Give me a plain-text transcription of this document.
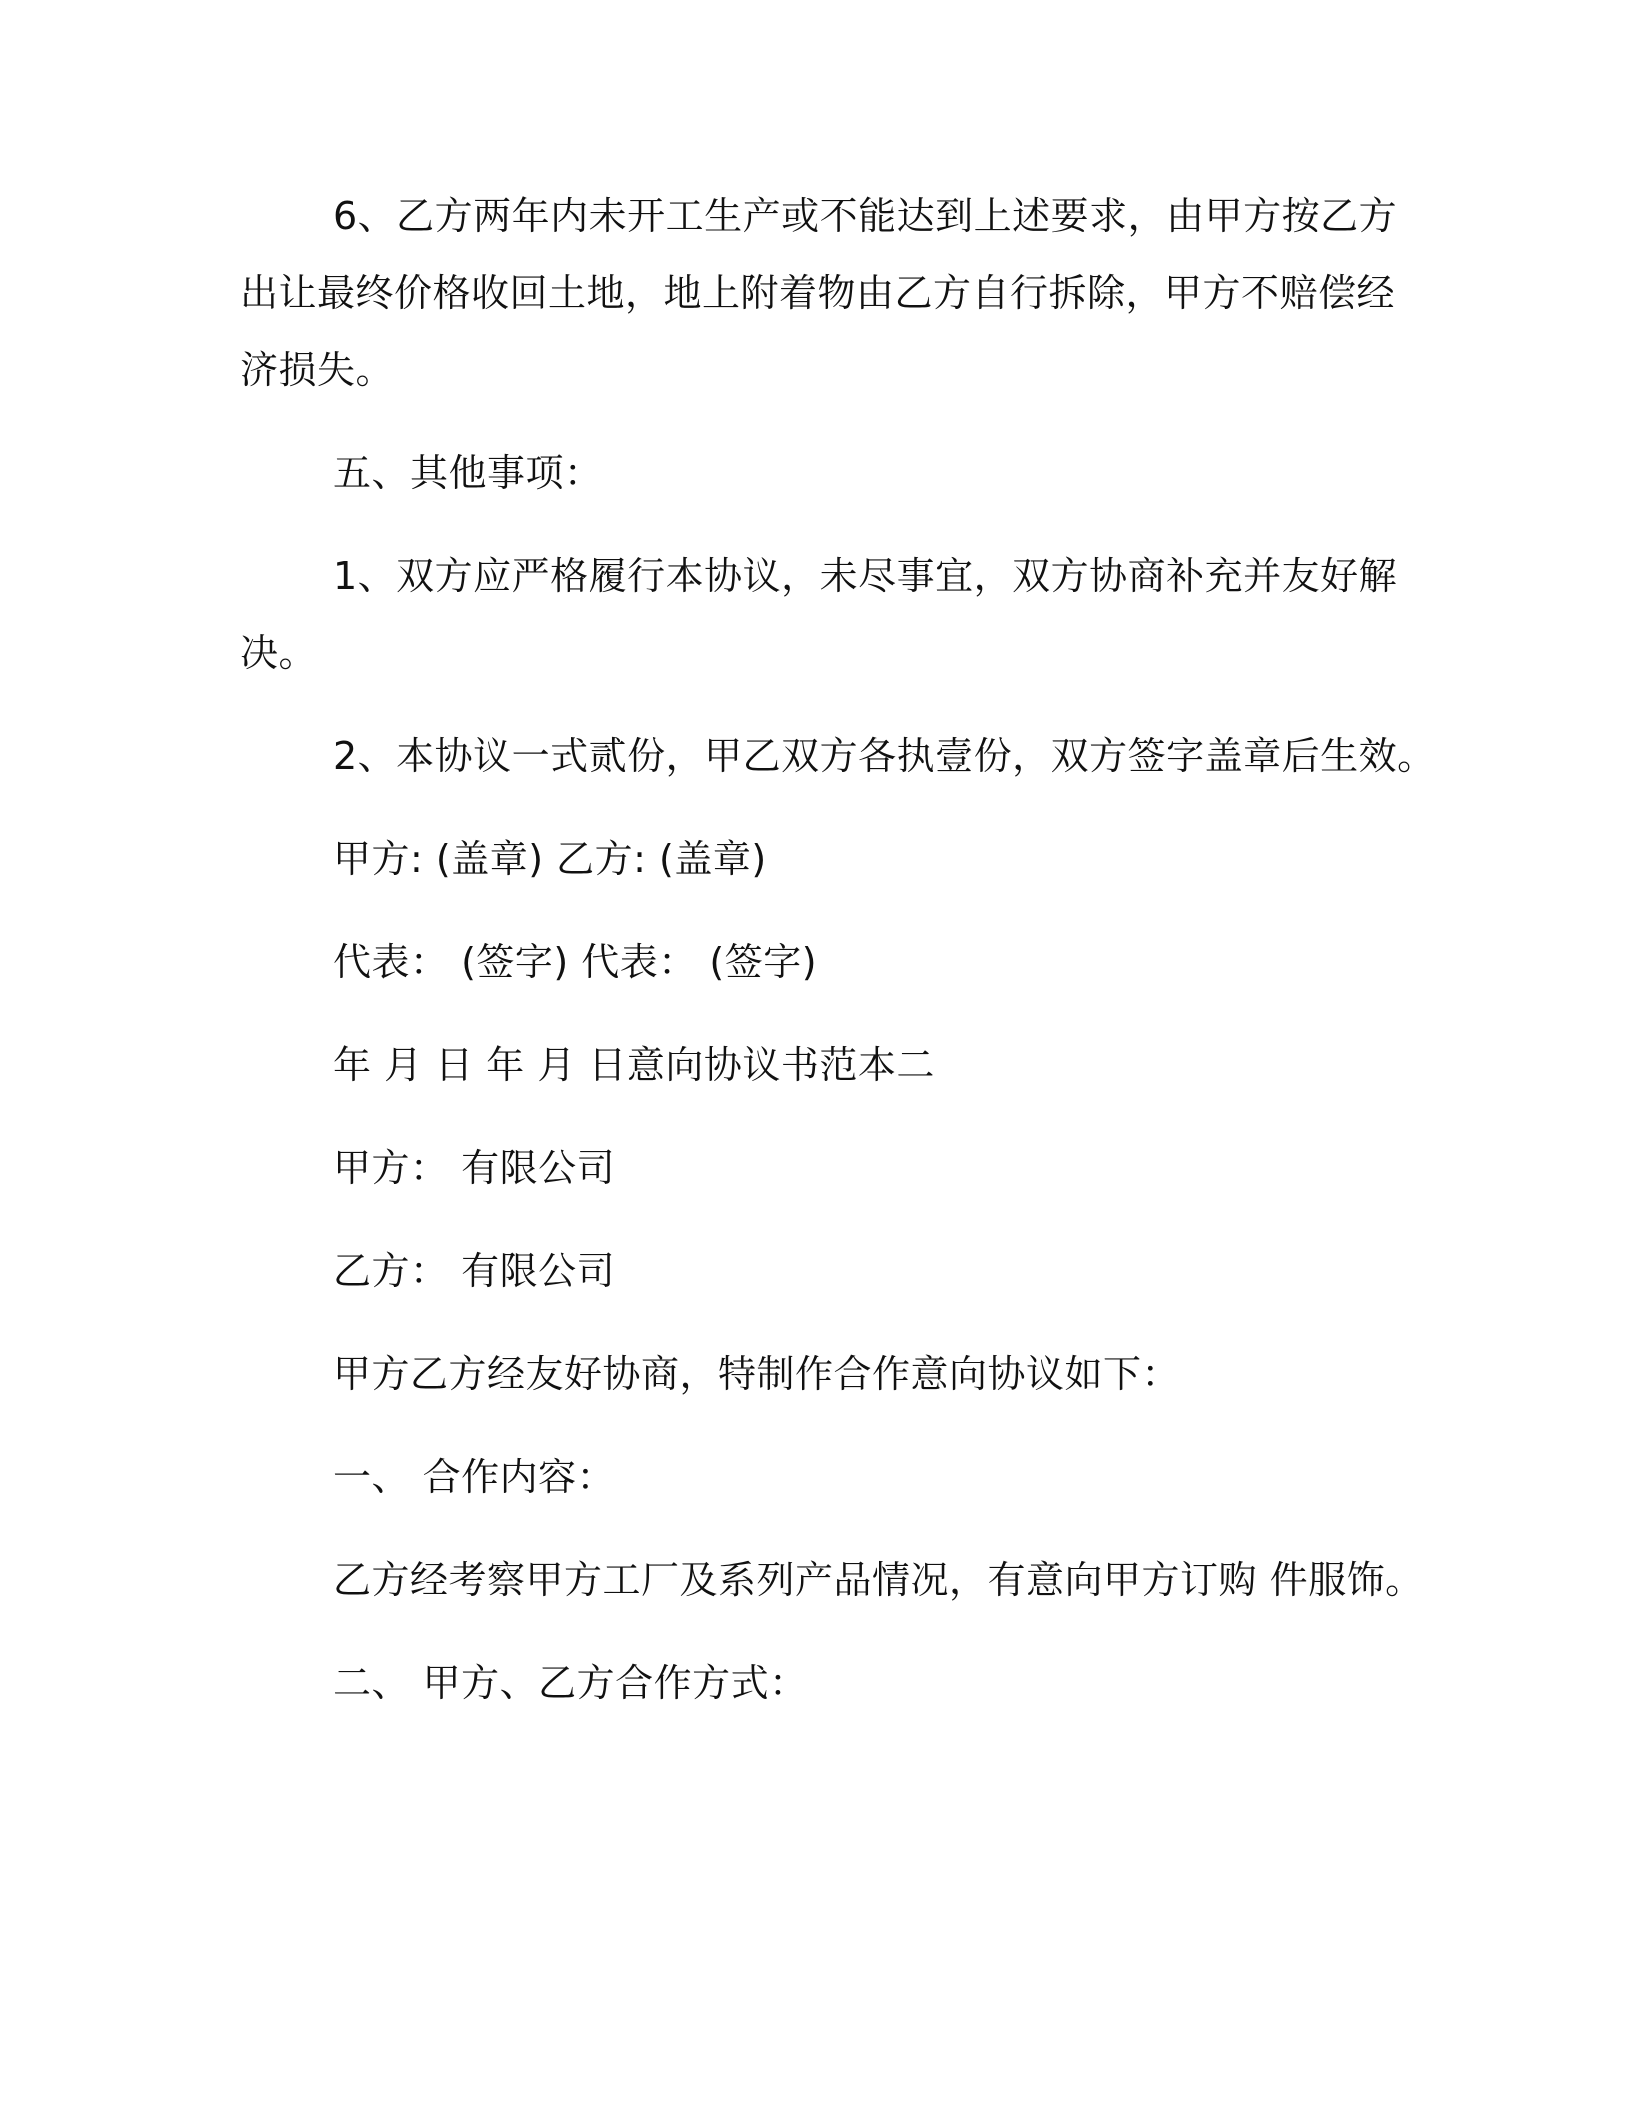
6、乙方两年内未开工生产或不能达到上述要求，由甲方按乙方
出让最终价格收回土地，地上附着物由乙方自行拆除，甲方不赔偿经
济损失。
五、其他事项：
1、双方应严格履行本协议，未尽事宜，双方协商补充并友好解
决。
2、本协议一式贰份，甲乙双方各执壹份，双方签字盖章后生效。
甲方: (盖章) 乙方: (盖章)
代表： (签字) 代表： (签字)
年 月 日 年 月 日意向协议书范本二
甲方： 有限公司
乙方： 有限公司
甲方乙方经友好协商，特制作合作意向协议如下：
一、 合作内容：
乙方经考察甲方工厂及系列产品情况，有意向甲方订购 件服饰。
二、 甲方、乙方合作方式：
